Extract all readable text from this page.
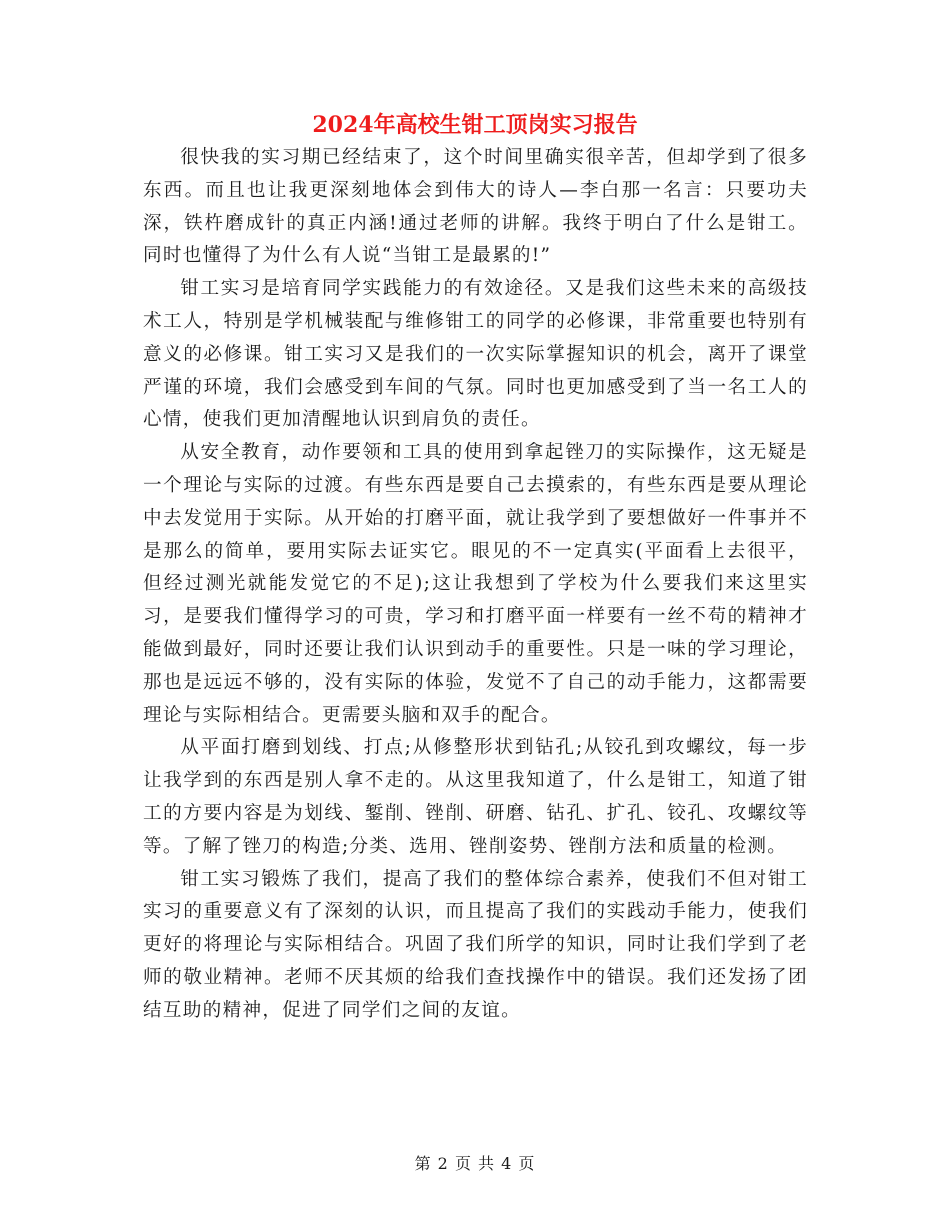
2024年高校生钳工顶岗实习报告

很快我的实习期已经结束了，这个时间里确实很辛苦，但却学到了很多东西。而且也让我更深刻地体会到伟大的诗人—李白那一名言：只要功夫深，铁杵磨成针的真正内涵!通过老师的讲解。我终于明白了什么是钳工。同时也懂得了为什么有人说“当钳工是最累的!”

钳工实习是培育同学实践能力的有效途径。又是我们这些未来的高级技术工人，特别是学机械装配与维修钳工的同学的必修课，非常重要也特别有意义的必修课。钳工实习又是我们的一次实际掌握知识的机会，离开了课堂严谨的环境，我们会感受到车间的气氛。同时也更加感受到了当一名工人的心情，使我们更加清醒地认识到肩负的责任。

从安全教育，动作要领和工具的使用到拿起锉刀的实际操作，这无疑是一个理论与实际的过渡。有些东西是要自己去摸索的，有些东西是要从理论中去发觉用于实际。从开始的打磨平面，就让我学到了要想做好一件事并不是那么的简单，要用实际去证实它。眼见的不一定真实(平面看上去很平，但经过测光就能发觉它的不足);这让我想到了学校为什么要我们来这里实习，是要我们懂得学习的可贵，学习和打磨平面一样要有一丝不苟的精神才能做到最好，同时还要让我们认识到动手的重要性。只是一味的学习理论，那也是远远不够的，没有实际的体验，发觉不了自己的动手能力，这都需要理论与实际相结合。更需要头脑和双手的配合。

从平面打磨到划线、打点;从修整形状到钻孔;从铰孔到攻螺纹，每一步让我学到的东西是别人拿不走的。从这里我知道了，什么是钳工，知道了钳工的方要内容是为划线、錾削、锉削、研磨、钻孔、扩孔、铰孔、攻螺纹等等。了解了锉刀的构造;分类、选用、锉削姿势、锉削方法和质量的检测。

钳工实习锻炼了我们，提高了我们的整体综合素养，使我们不但对钳工实习的重要意义有了深刻的认识，而且提高了我们的实践动手能力，使我们更好的将理论与实际相结合。巩固了我们所学的知识，同时让我们学到了老师的敬业精神。老师不厌其烦的给我们查找操作中的错误。我们还发扬了团结互助的精神，促进了同学们之间的友谊。

第 2 页 共 4 页
